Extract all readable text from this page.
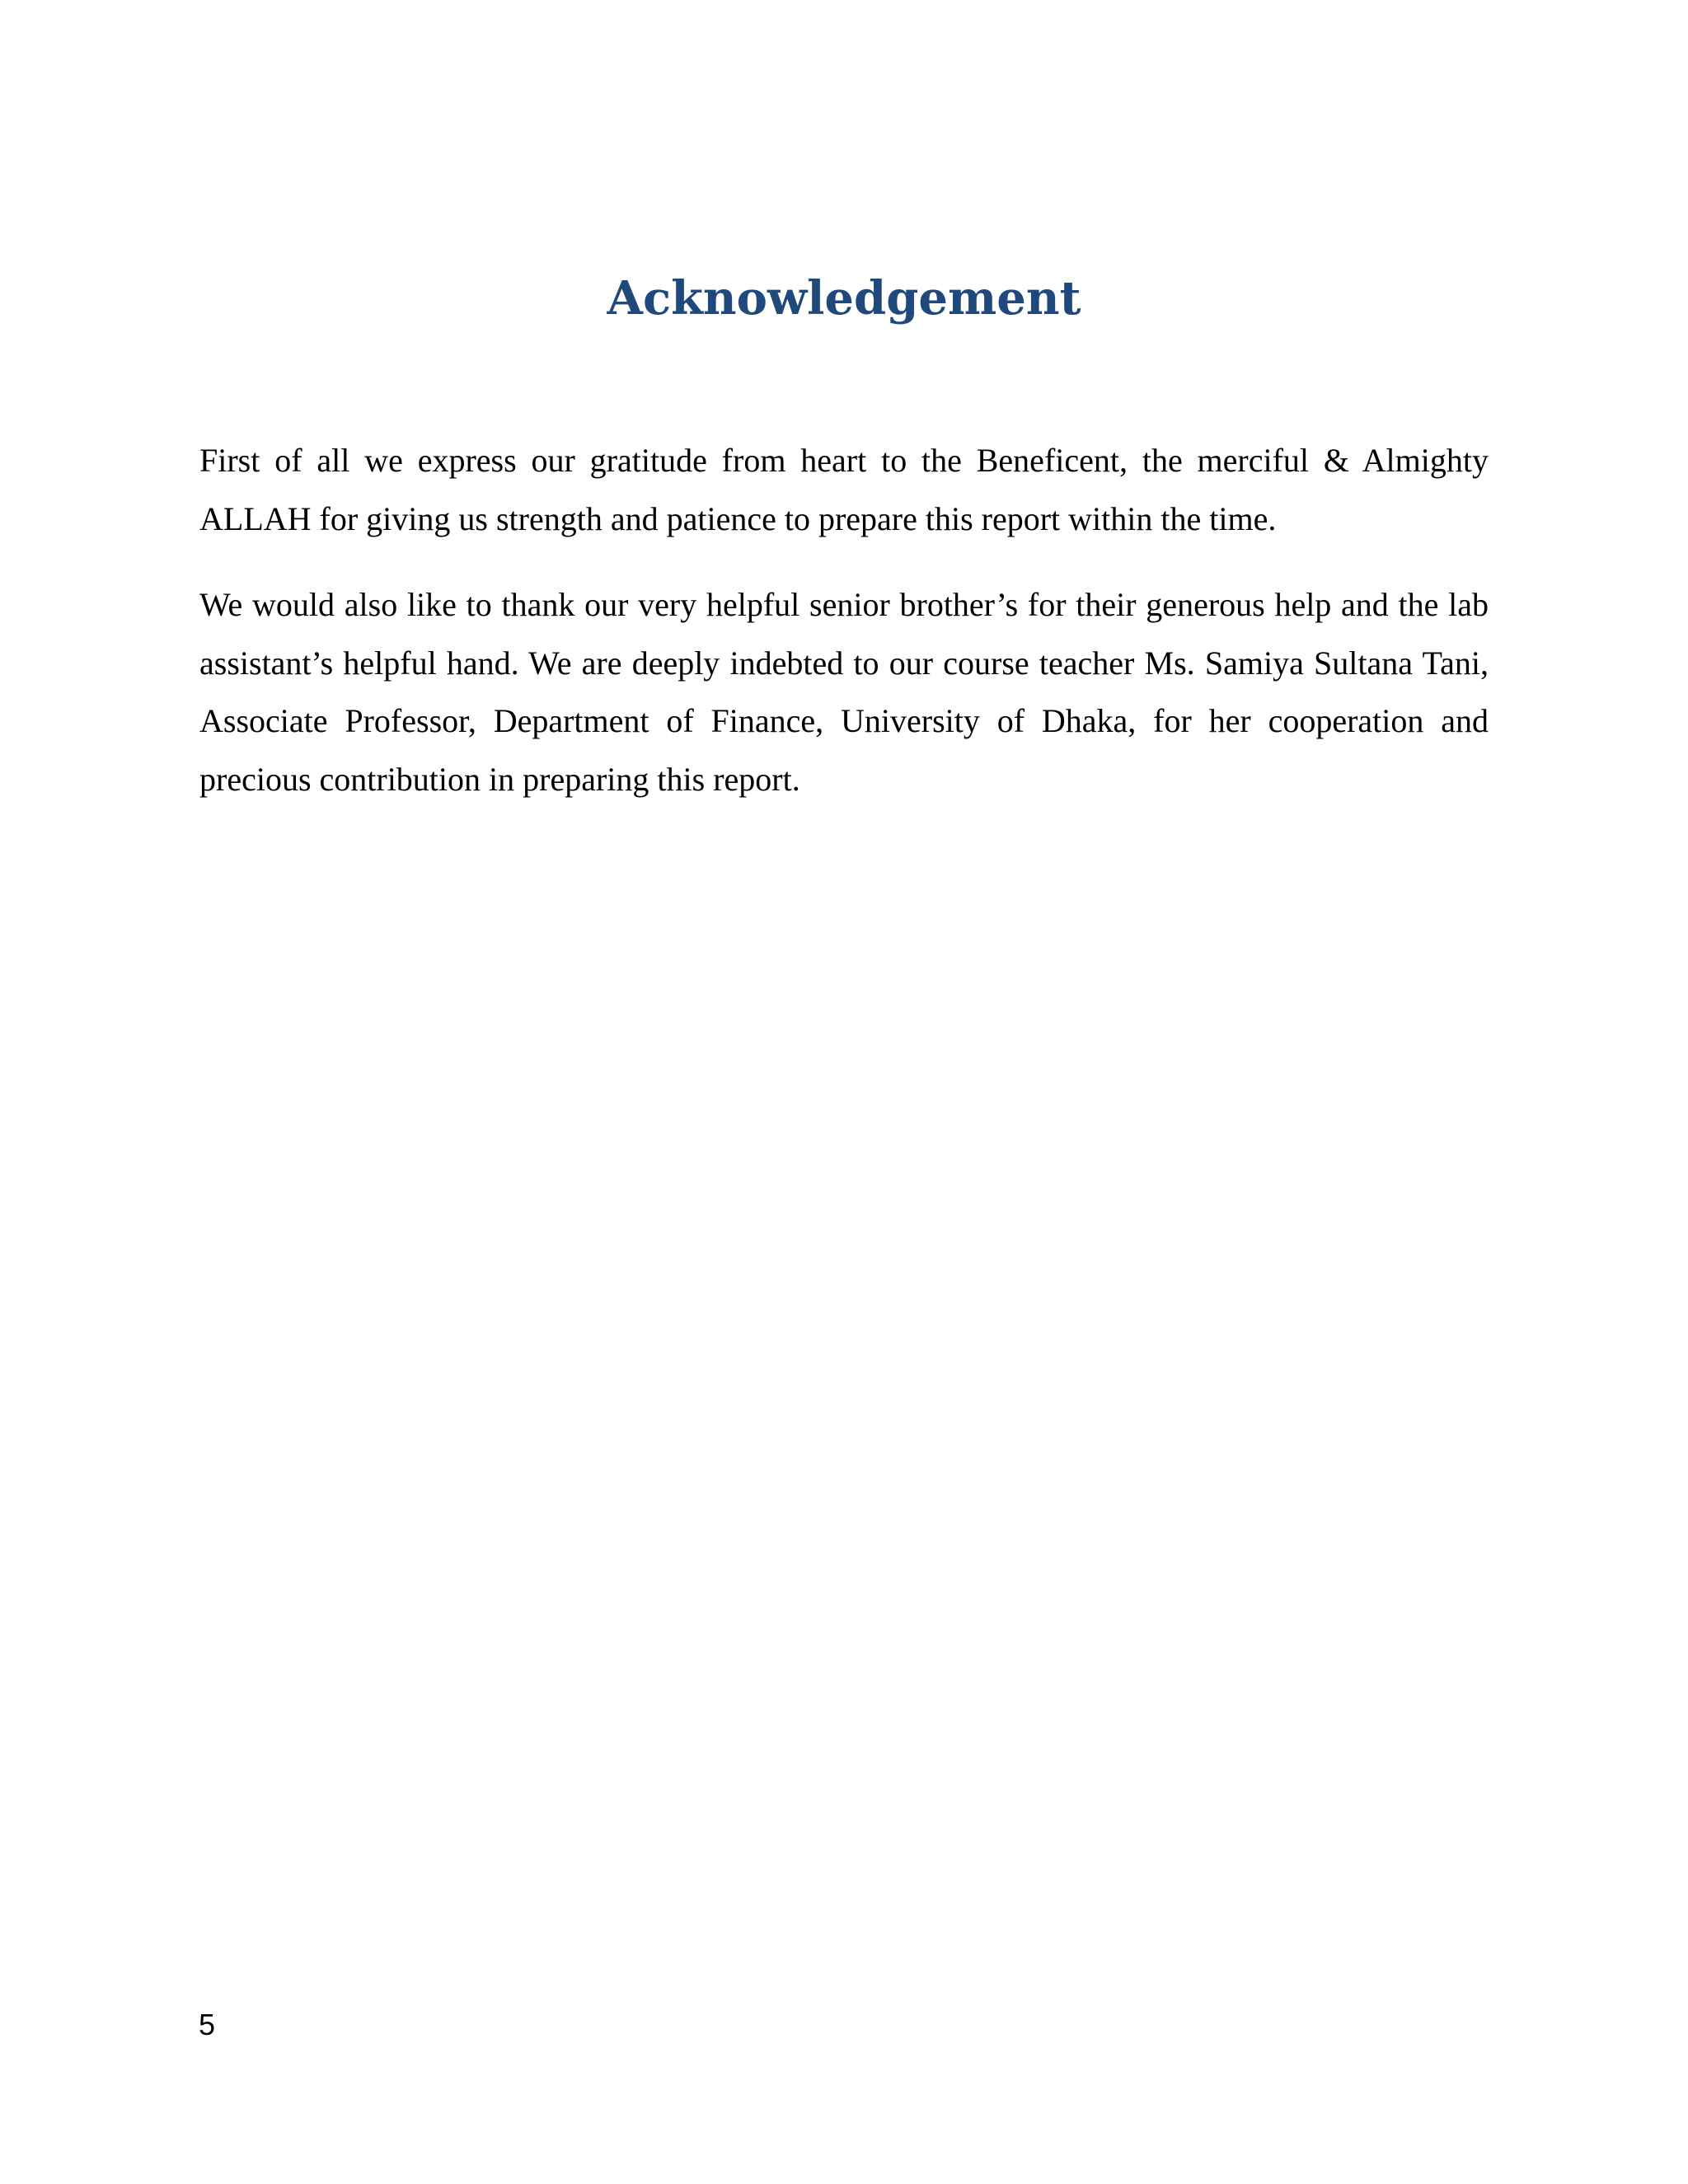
Acknowledgement

First of all we express our gratitude from heart to the Beneficent, the merciful & Almighty ALLAH for giving us strength and patience to prepare this report within the time.

We would also like to thank our very helpful senior brother’s for their generous help and the lab assistant’s helpful hand. We are deeply indebted to our course teacher Ms. Samiya Sultana Tani, Associate Professor, Department of Finance, University of Dhaka, for her cooperation and precious contribution in preparing this report.

5
